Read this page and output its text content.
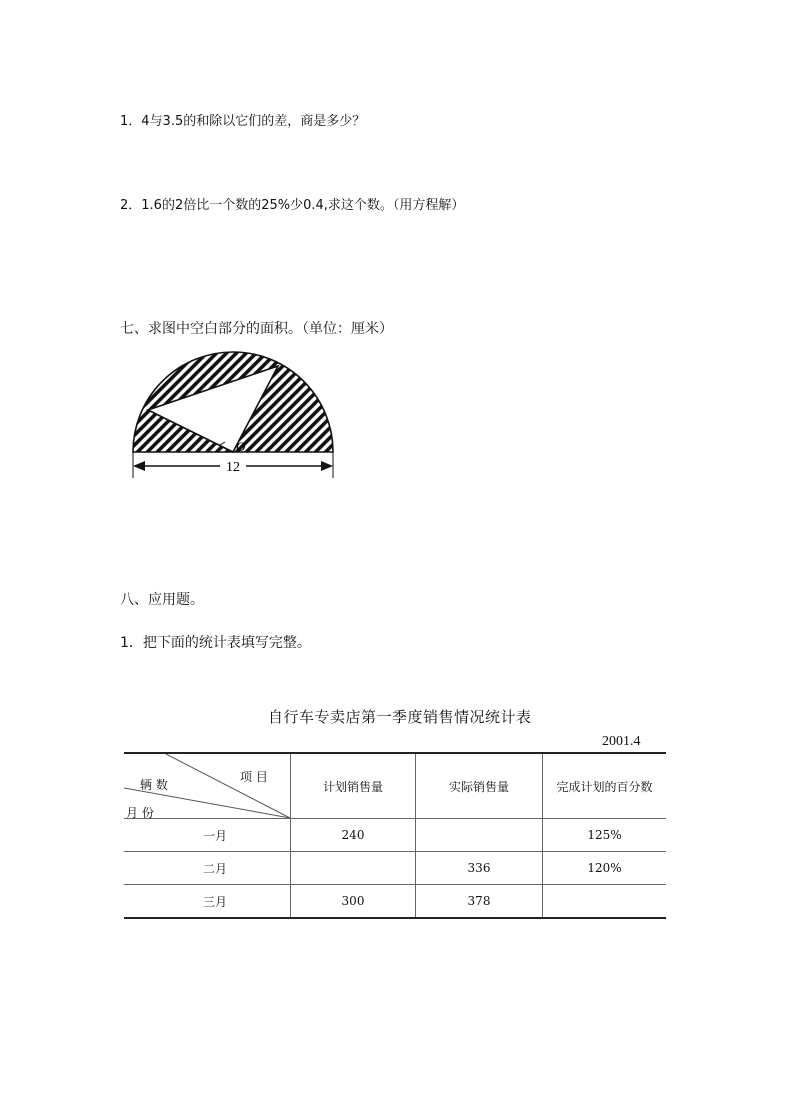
1．4与3.5的和除以它们的差，商是多少？
2．1.6的2倍比一个数的25%少0.4,求这个数。（用方程解）
七、求图中空白部分的面积。（单位：厘米）
O
12
八、应用题。
1．把下面的统计表填写完整。
自行车专卖店第一季度销售情况统计表
2001.4
项 目
辆 数
月 份	计划销售量	实际销售量	完成计划的百分数
一月	240		125%
二月		336	120%
三月	300	378	
